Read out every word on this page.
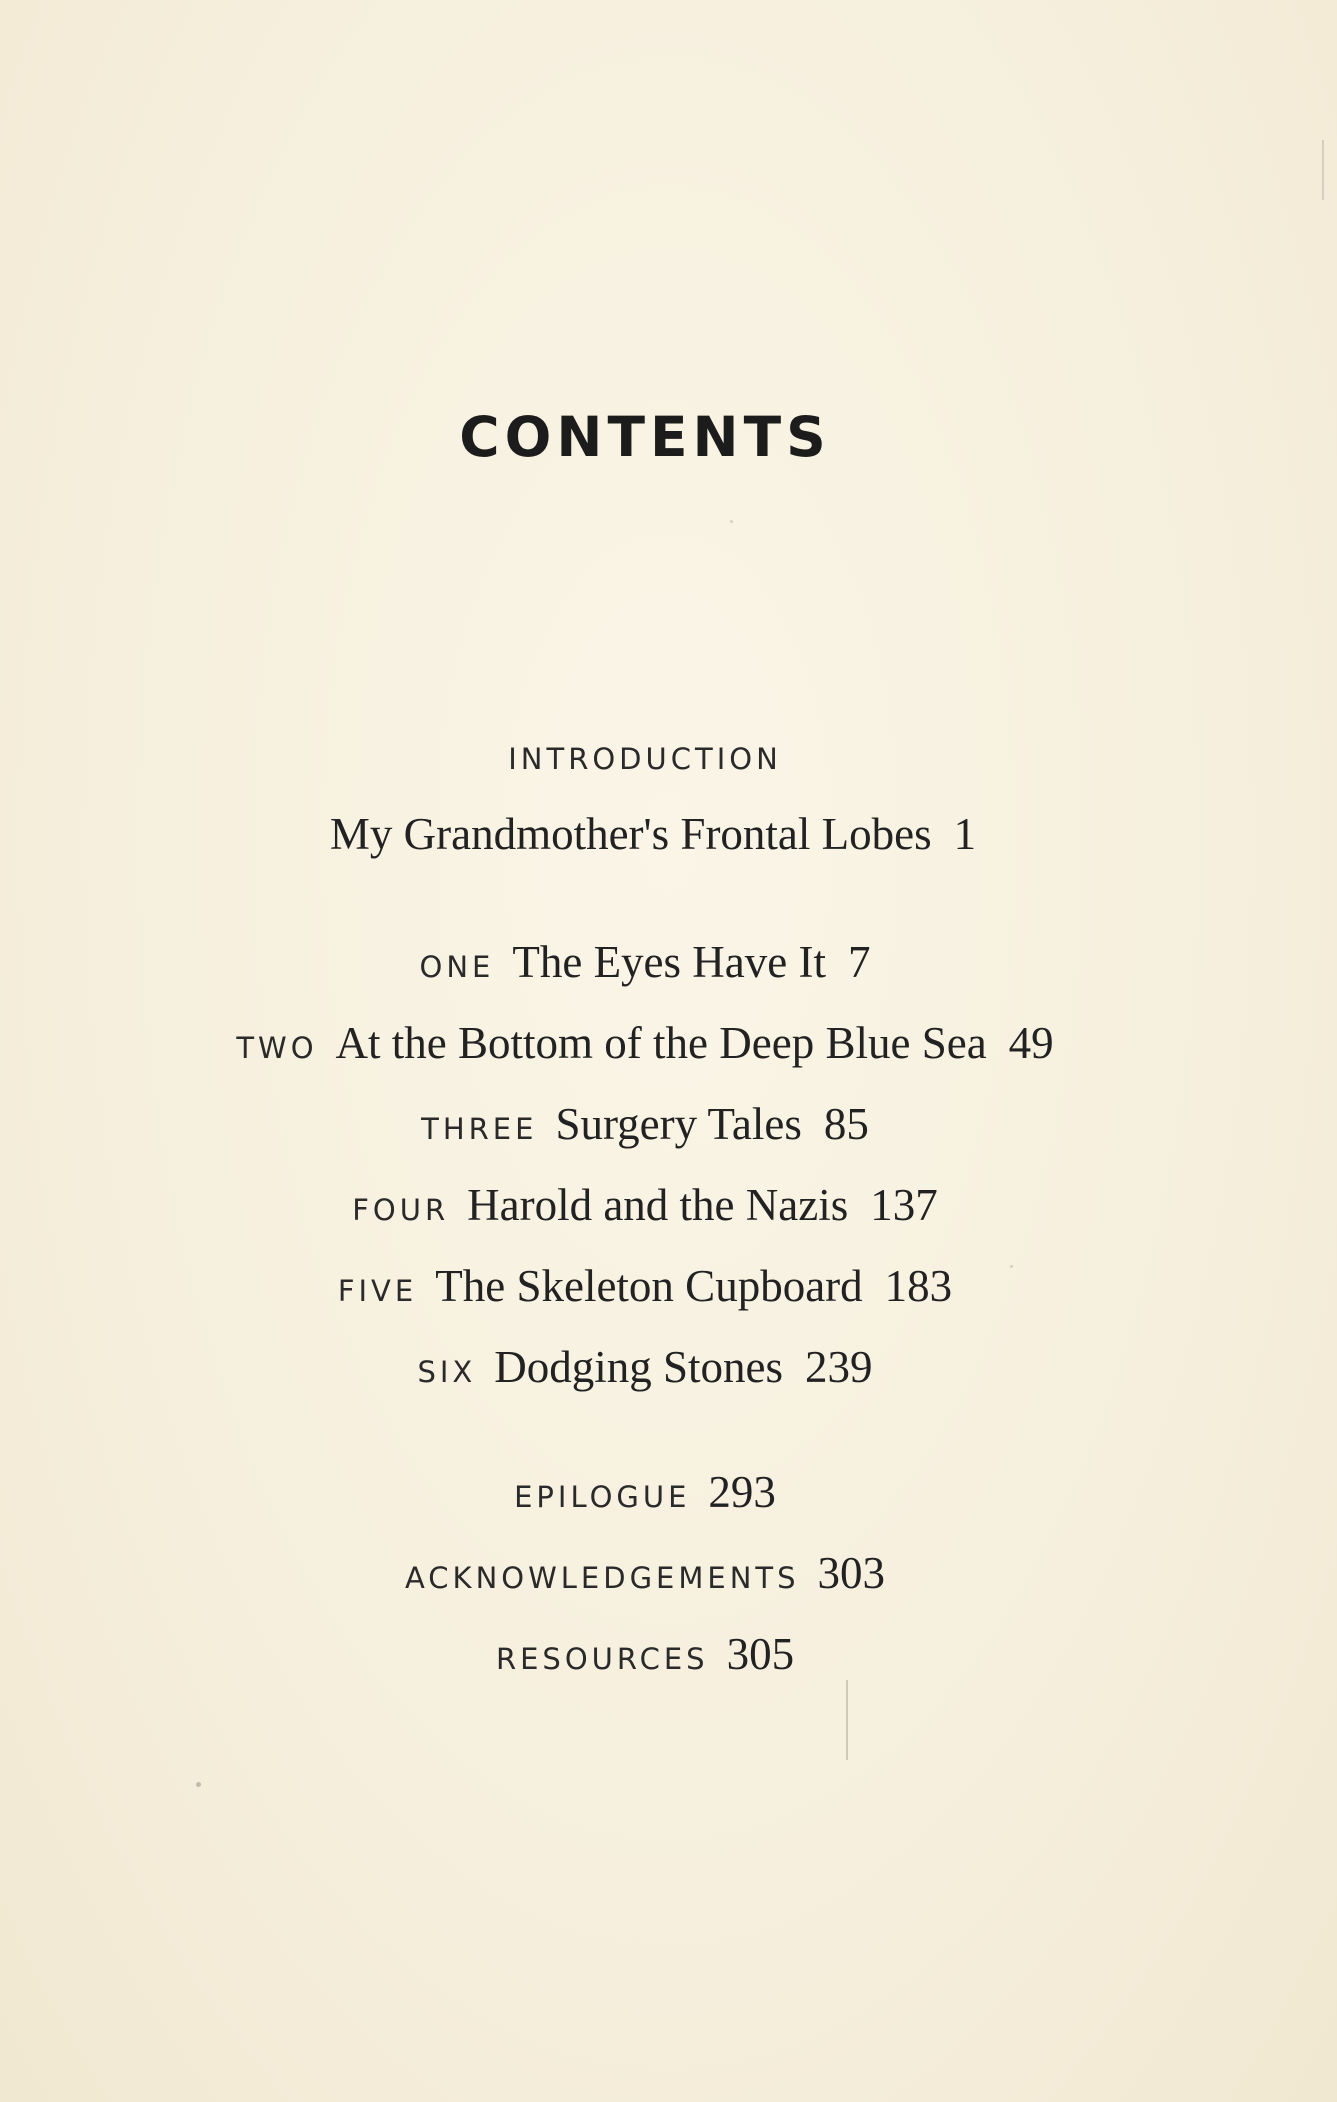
CONTENTS
INTRODUCTION
My Grandmother's Frontal Lobes 1
ONE The Eyes Have It 7
TWO At the Bottom of the Deep Blue Sea 49
THREE Surgery Tales 85
FOUR Harold and the Nazis 137
FIVE The Skeleton Cupboard 183
SIX Dodging Stones 239
EPILOGUE 293
ACKNOWLEDGEMENTS 303
RESOURCES 305
